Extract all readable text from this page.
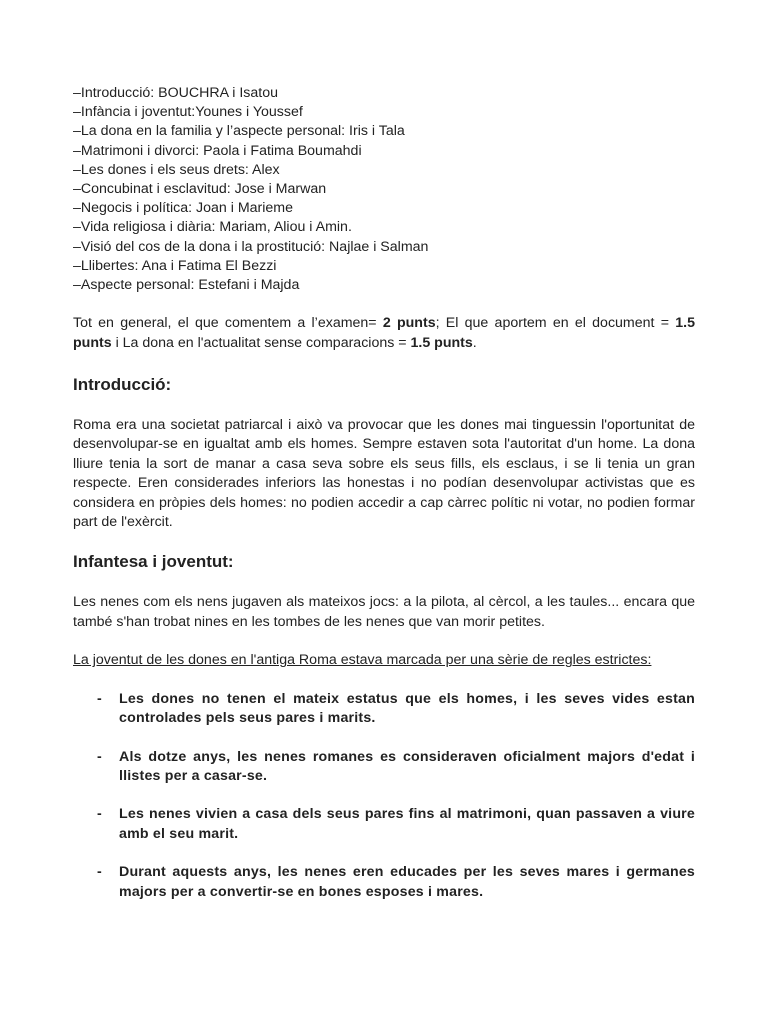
–Introducció: BOUCHRA i Isatou

–Infància i joventut:Younes i Youssef

–La dona en la familia y l’aspecte personal: Iris i Tala

–Matrimoni i divorci: Paola i Fatima Boumahdi

–Les dones i els seus drets: Alex

–Concubinat i esclavitud: Jose i Marwan

–Negocis i política: Joan i Marieme

–Vida religiosa i diària: Mariam, Aliou i Amin.

–Visió del cos de la dona i la prostitució: Najlae i Salman

–Llibertes: Ana i Fatima El Bezzi

–Aspecte personal: Estefani i Majda

Tot en general, el que comentem a l’examen= 2 punts; El que aportem en el document = 1.5 punts i La dona en l'actualitat sense comparacions = 1.5 punts.

Introducció:

Roma era una societat patriarcal i això va provocar que les dones mai tinguessin l'oportunitat de desenvolupar-se en igualtat amb els homes. Sempre estaven sota l'autoritat d'un home. La dona lliure tenia la sort de manar a casa seva sobre els seus fills, els esclaus, i se li tenia un gran respecte. Eren considerades inferiors las honestas i no podían desenvolupar activistas que es considera en pròpies dels homes: no podien accedir a cap càrrec polític ni votar, no podien formar part de l'exèrcit.

Infantesa i joventut:

Les nenes com els nens jugaven als mateixos jocs: a la pilota, al cèrcol, a les taules... encara que també s'han trobat nines en les tombes de les nenes que van morir petites.

La joventut de les dones en l'antiga Roma estava marcada per una sèrie de regles estrictes:

- Les dones no tenen el mateix estatus que els homes, i les seves vides estan controlades pels seus pares i marits.
- Als dotze anys, les nenes romanes es consideraven oficialment majors d'edat i llistes per a casar-se.
- Les nenes vivien a casa dels seus pares fins al matrimoni, quan passaven a viure amb el seu marit.
- Durant aquests anys, les nenes eren educades per les seves mares i germanes majors per a convertir-se en bones esposes i mares.
